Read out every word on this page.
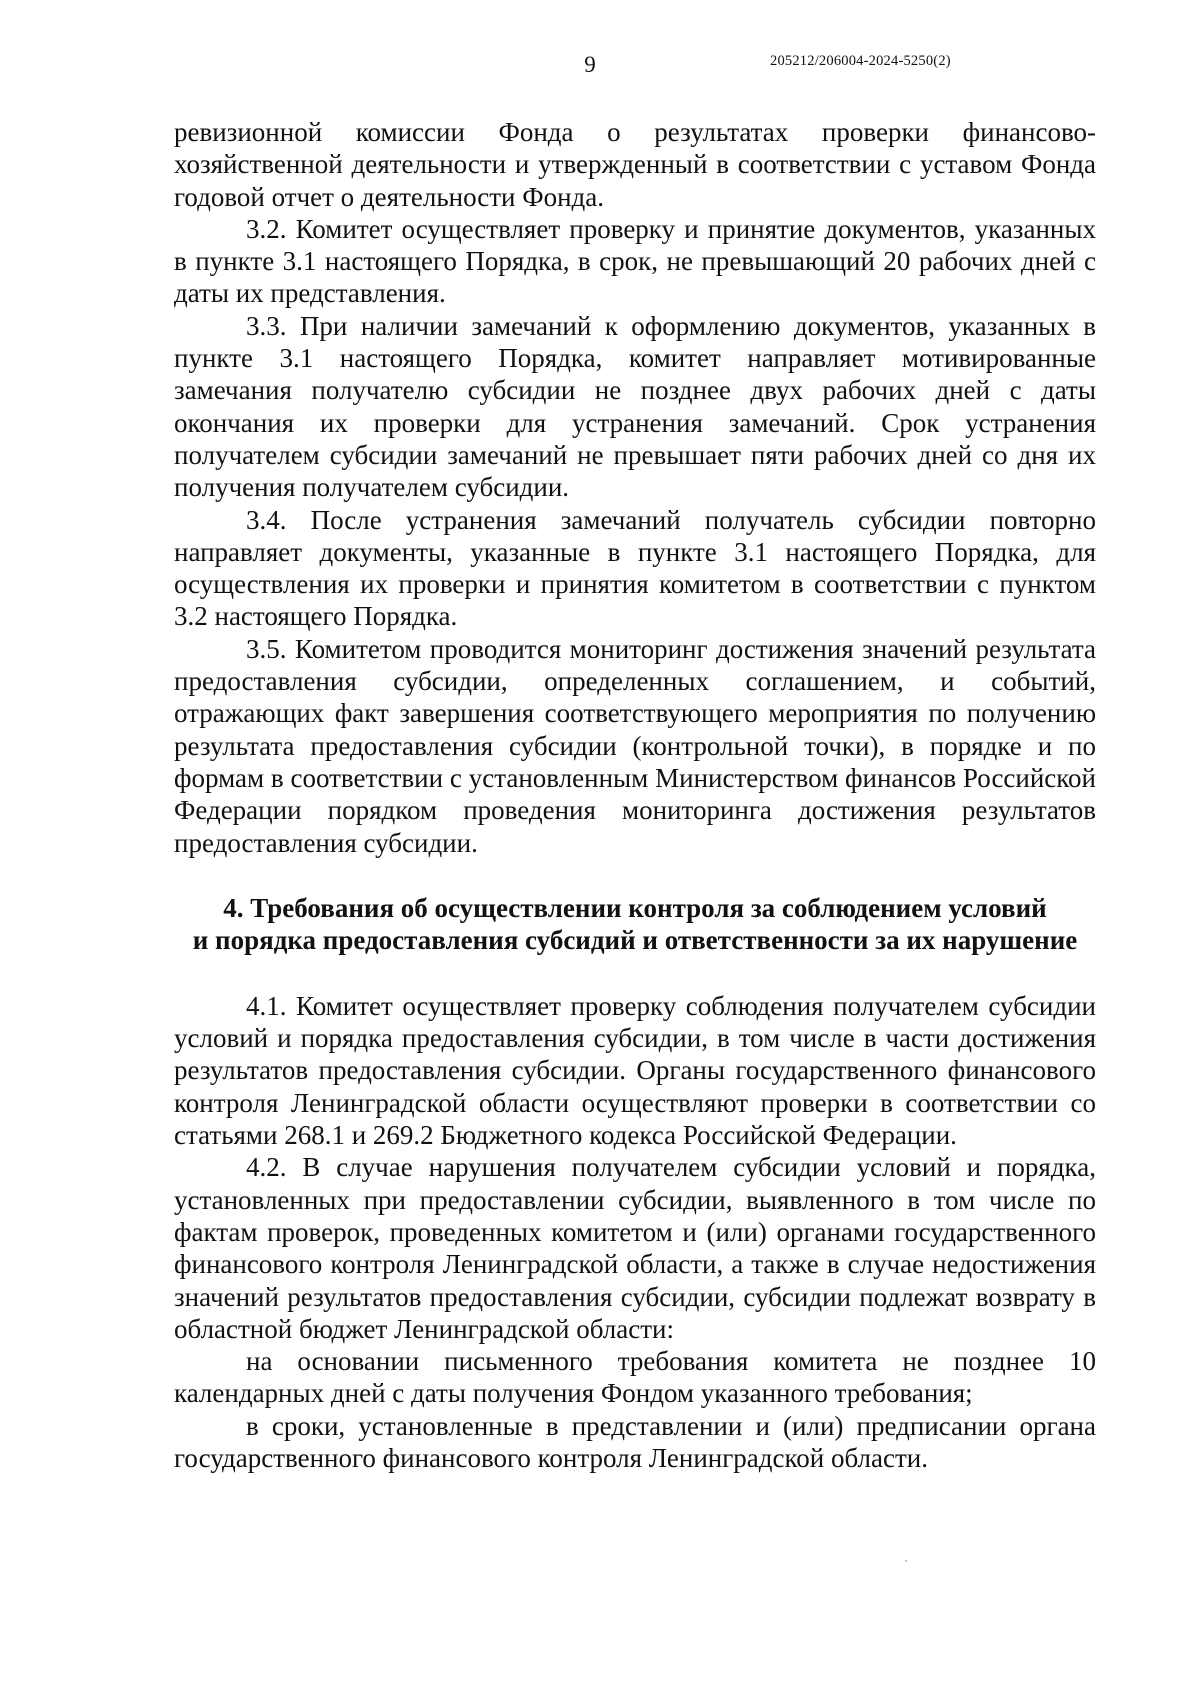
9	205212/206004-2024-5250(2)

ревизионной комиссии Фонда о результатах проверки финансово-хозяйственной деятельности и утвержденный в соответствии с уставом Фонда годовой отчет о деятельности Фонда.

3.2. Комитет осуществляет проверку и принятие документов, указанных в пункте 3.1 настоящего Порядка, в срок, не превышающий 20 рабочих дней с даты их представления.

3.3. При наличии замечаний к оформлению документов, указанных в пункте 3.1 настоящего Порядка, комитет направляет мотивированные замечания получателю субсидии не позднее двух рабочих дней с даты окончания их проверки для устранения замечаний. Срок устранения получателем субсидии замечаний не превышает пяти рабочих дней со дня их получения получателем субсидии.

3.4. После устранения замечаний получатель субсидии повторно направляет документы, указанные в пункте 3.1 настоящего Порядка, для осуществления их проверки и принятия комитетом в соответствии с пунктом 3.2 настоящего Порядка.

3.5. Комитетом проводится мониторинг достижения значений результата предоставления субсидии, определенных соглашением, и событий, отражающих факт завершения соответствующего мероприятия по получению результата предоставления субсидии (контрольной точки), в порядке и по формам в соответствии с установленным Министерством финансов Российской Федерации порядком проведения мониторинга достижения результатов предоставления субсидии.

4. Требования об осуществлении контроля за соблюдением условий
и порядка предоставления субсидий и ответственности за их нарушение

4.1. Комитет осуществляет проверку соблюдения получателем субсидии условий и порядка предоставления субсидии, в том числе в части достижения результатов предоставления субсидии. Органы государственного финансового контроля Ленинградской области осуществляют проверки в соответствии со статьями 268.1 и 269.2 Бюджетного кодекса Российской Федерации.

4.2. В случае нарушения получателем субсидии условий и порядка, установленных при предоставлении субсидии, выявленного в том числе по фактам проверок, проведенных комитетом и (или) органами государственного финансового контроля Ленинградской области, а также в случае недостижения значений результатов предоставления субсидии, субсидии подлежат возврату в областной бюджет Ленинградской области:

на основании письменного требования комитета не позднее 10 календарных дней с даты получения Фондом указанного требования;

в сроки, установленные в представлении и (или) предписании органа государственного финансового контроля Ленинградской области.
